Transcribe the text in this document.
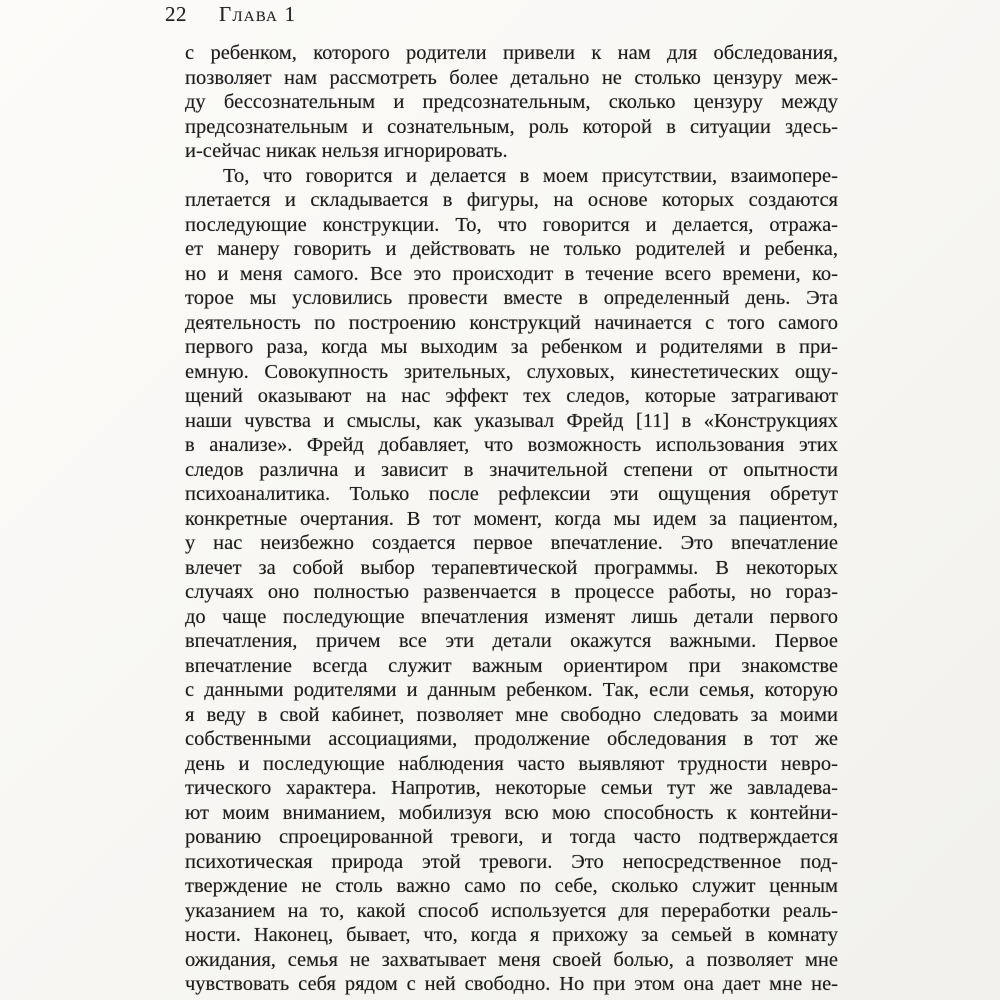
22 Глава 1
с ребенком, которого родители привели к нам для обследования,
позволяет нам рассмотреть более детально не столько цензуру меж-
ду бессознательным и предсознательным, сколько цензуру между
предсознательным и сознательным, роль которой в ситуации здесь-
и-сейчас никак нельзя игнорировать.
То, что говорится и делается в моем присутствии, взаимопере-
плетается и складывается в фигуры, на основе которых создаются
последующие конструкции. То, что говорится и делается, отража-
ет манеру говорить и действовать не только родителей и ребенка,
но и меня самого. Все это происходит в течение всего времени, ко-
торое мы условились провести вместе в определенный день. Эта
деятельность по построению конструкций начинается с того самого
первого раза, когда мы выходим за ребенком и родителями в при-
емную. Совокупность зрительных, слуховых, кинестетических ощу-
щений оказывают на нас эффект тех следов, которые затрагивают
наши чувства и смыслы, как указывал Фрейд [11] в «Конструкциях
в анализе». Фрейд добавляет, что возможность использования этих
следов различна и зависит в значительной степени от опытности
психоаналитика. Только после рефлексии эти ощущения обретут
конкретные очертания. В тот момент, когда мы идем за пациентом,
у нас неизбежно создается первое впечатление. Это впечатление
влечет за собой выбор терапевтической программы. В некоторых
случаях оно полностью развенчается в процессе работы, но гораз-
до чаще последующие впечатления изменят лишь детали первого
впечатления, причем все эти детали окажутся важными. Первое
впечатление всегда служит важным ориентиром при знакомстве
с данными родителями и данным ребенком. Так, если семья, которую
я веду в свой кабинет, позволяет мне свободно следовать за моими
собственными ассоциациями, продолжение обследования в тот же
день и последующие наблюдения часто выявляют трудности невро-
тического характера. Напротив, некоторые семьи тут же завладева-
ют моим вниманием, мобилизуя всю мою способность к контейни-
рованию спроецированной тревоги, и тогда часто подтверждается
психотическая природа этой тревоги. Это непосредственное под-
тверждение не столь важно само по себе, сколько служит ценным
указанием на то, какой способ используется для переработки реаль-
ности. Наконец, бывает, что, когда я прихожу за семьей в комнату
ожидания, семья не захватывает меня своей болью, а позволяет мне
чувствовать себя рядом с ней свободно. Но при этом она дает мне не-
